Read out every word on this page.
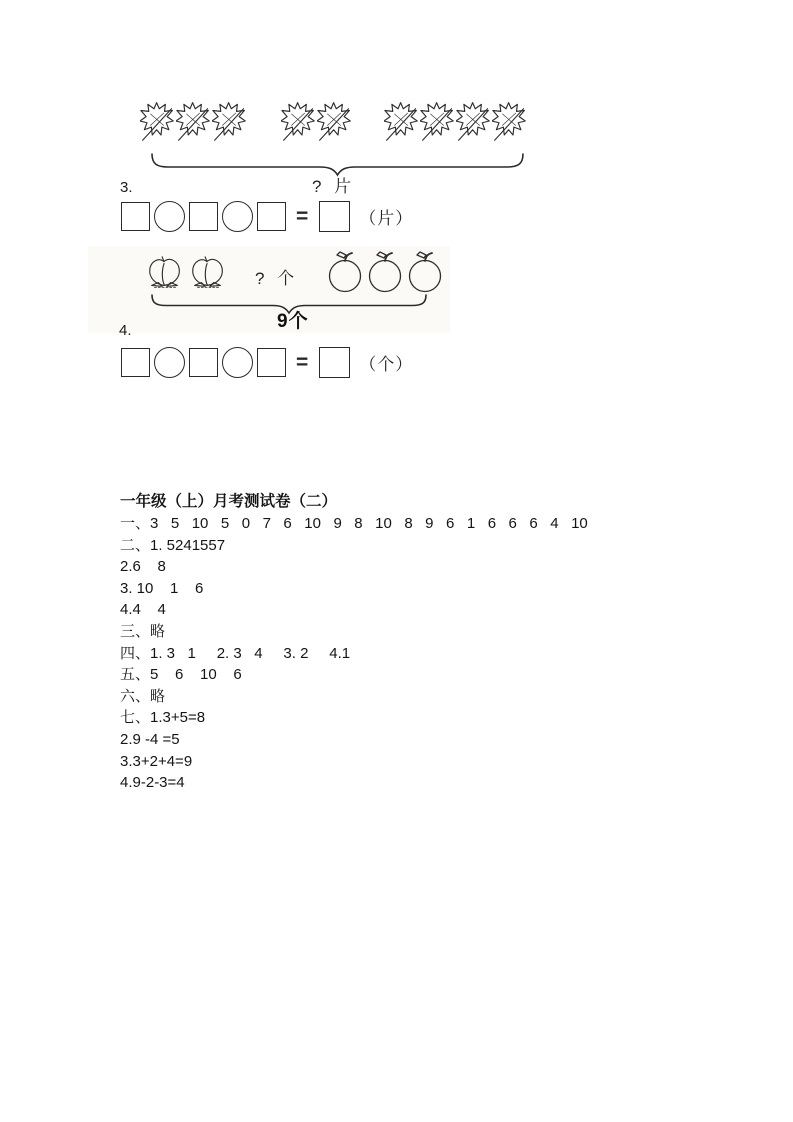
? 片
3.
=	（片）
? 个
9个
4.
=	（个）
一年级（上）月考测试卷（二）
一、3   5   10   5   0   7   6   10   9   8   10   8   9   6   1   6   6   6   4   10
二、1. 5241557
2.6    8
3. 10    1    6
4.4    4
三、略
四、1. 3   1     2. 3   4     3. 2     4.1
五、5    6    10    6
六、略
七、1.3+5=8
2.9 -4 =5
3.3+2+4=9
4.9-2-3=4
